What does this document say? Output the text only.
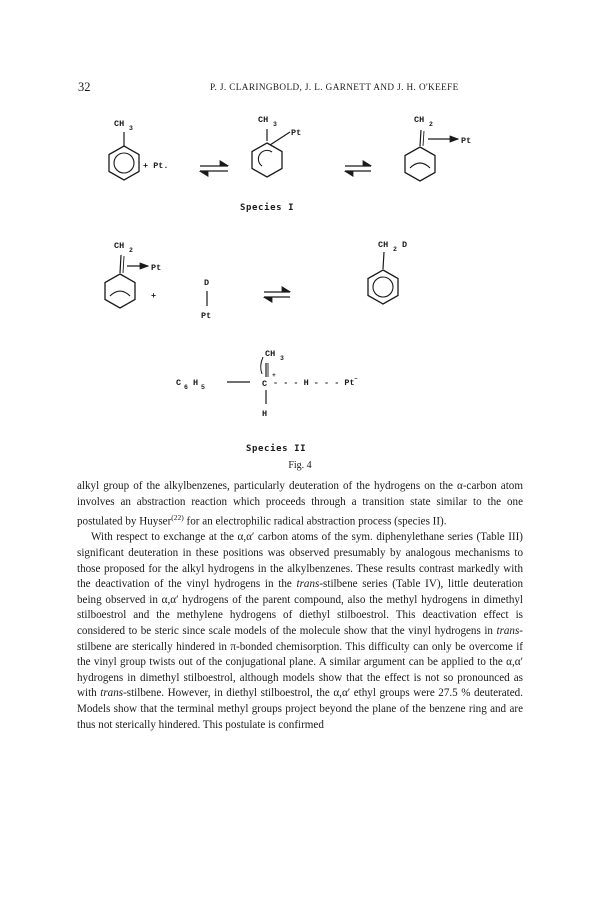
32	P. J. CLARINGBOLD, J. L. GARNETT AND J. H. O'KEEFE
CH 3
+ Pt.
CH 3
Pt
Species I
CH 2
Pt
CH 2
Pt
+
D
Pt
CH 2 D
CH 3
+
C 6 H 5	C - - - H - - - Pt –
H
Species II
Fig. 4

alkyl group of the alkylbenzenes, particularly deuteration of the hydrogens on the α-carbon atom involves an abstraction reaction which proceeds through a transition state similar to the one postulated by Huyser$^{(22)}$ for an electrophilic radical abstraction process (species II).

With respect to exchange at the α,α′ carbon atoms of the sym. diphenylethane series (Table III) significant deuteration in these positions was observed presumably by analogous mechanisms to those proposed for the alkyl hydrogens in the alkylbenzenes. These results contrast markedly with the deactivation of the vinyl hydrogens in the trans-stilbene series (Table IV), little deuteration being observed in α,α′ hydrogens of the parent compound, also the methyl hydrogens in dimethyl stilboestrol and the methylene hydrogens of diethyl stilboestrol. This deactivation effect is considered to be steric since scale models of the molecule show that the vinyl hydrogens in trans-stilbene are sterically hindered in π-bonded chemisorption. This difficulty can only be overcome if the vinyl group twists out of the conjugational plane. A similar argument can be applied to the α,α′ hydrogens in dimethyl stilboestrol, although models show that the effect is not so pronounced as with trans-stilbene. However, in diethyl stilboestrol, the α,α′ ethyl groups were 27.5 % deuterated. Models show that the terminal methyl groups project beyond the plane of the benzene ring and are thus not sterically hindered. This postulate is confirmed
